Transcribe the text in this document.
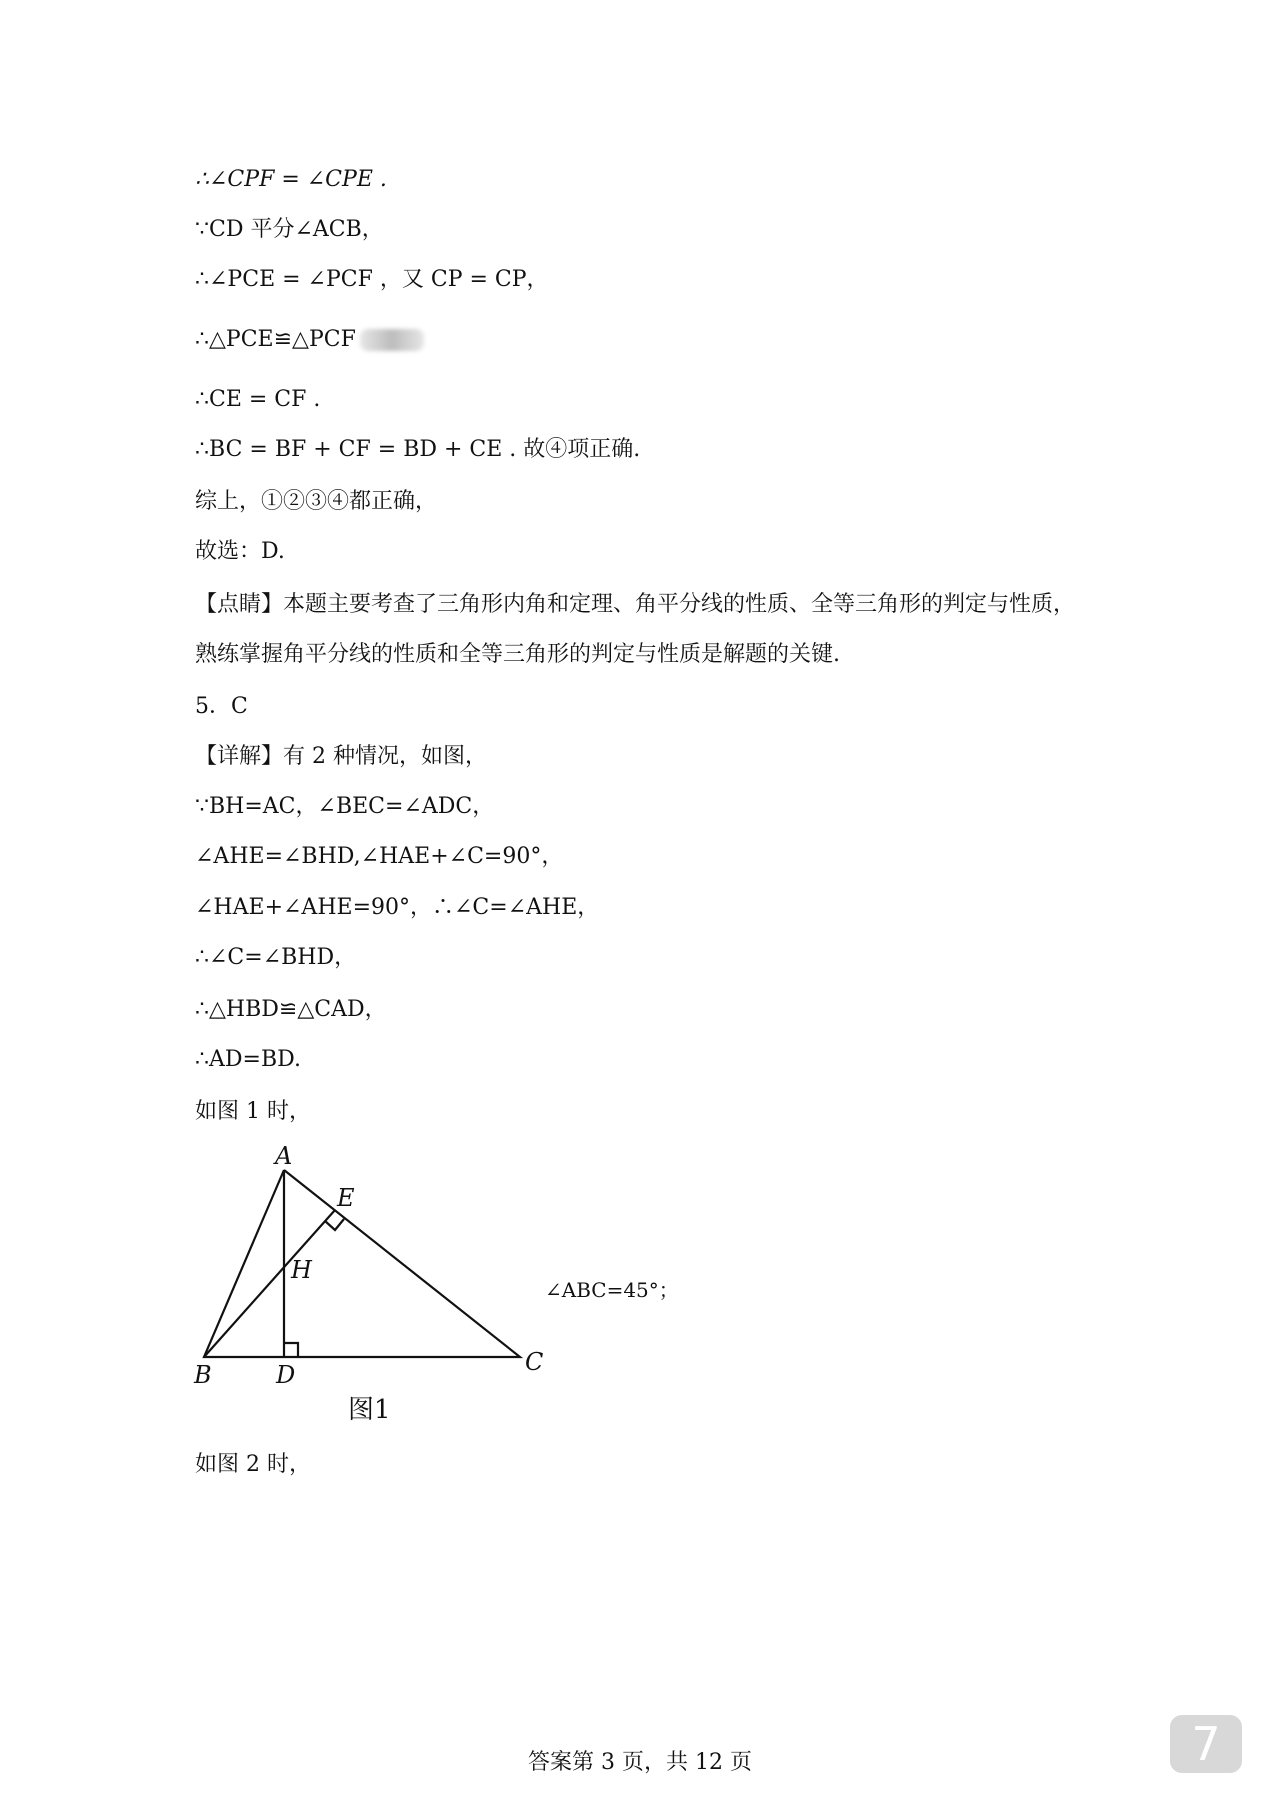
∴∠CPF = ∠CPE .
∵CD 平分∠ACB，
∴∠PCE = ∠PCF ，又 CP = CP，
∴△PCE≌△PCF
∴CE = CF .
∴BC = BF + CF = BD + CE . 故④项正确.
综上，①②③④都正确，
故选：D.
【点睛】本题主要考查了三角形内角和定理、角平分线的性质、全等三角形的判定与性质，
熟练掌握角平分线的性质和全等三角形的判定与性质是解题的关键.
5．C
【详解】有 2 种情况，如图，
∵BH=AC，∠BEC=∠ADC，
∠AHE=∠BHD,∠HAE+∠C=90°，
∠HAE+∠AHE=90°，∴∠C=∠AHE，
∴∠C=∠BHD，
∴△HBD≌△CAD，
∴AD=BD.
如图 1 时，
A
E
H
B	D	C
图1
∠ABC=45°；
如图 2 时，
答案第 3 页，共 12 页	7
